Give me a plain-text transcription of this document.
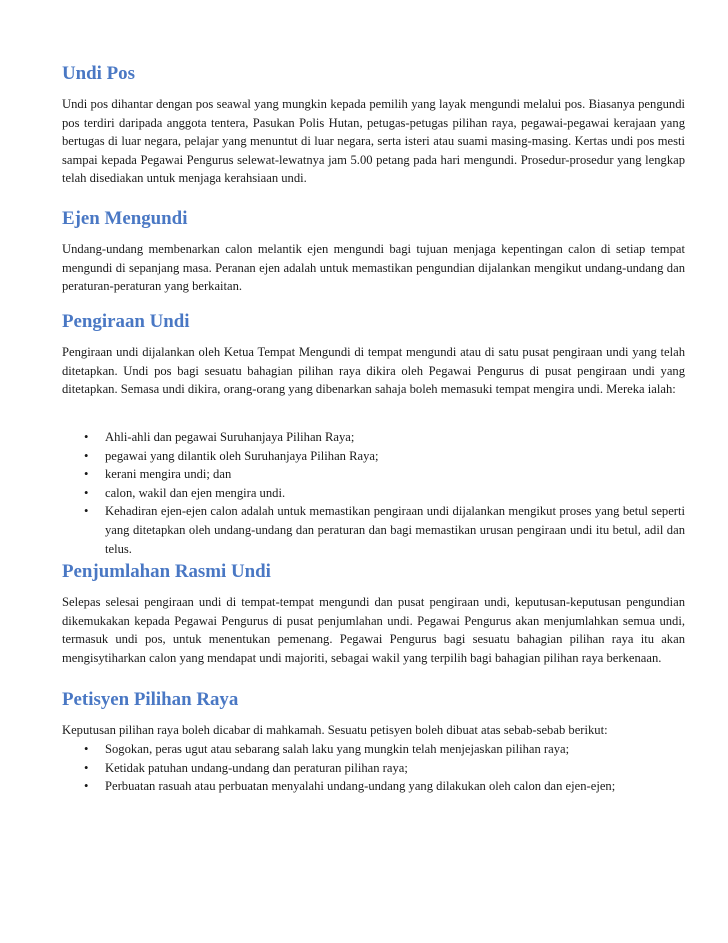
Undi Pos

Undi pos dihantar dengan pos seawal yang mungkin kepada pemilih yang layak mengundi melalui pos. Biasanya pengundi pos terdiri daripada anggota tentera, Pasukan Polis Hutan, petugas-petugas pilihan raya, pegawai-pegawai kerajaan yang bertugas di luar negara, pelajar yang menuntut di luar negara, serta isteri atau suami masing-masing. Kertas undi pos mesti sampai kepada Pegawai Pengurus selewat-lewatnya jam 5.00 petang pada hari mengundi. Prosedur-prosedur yang lengkap telah disediakan untuk menjaga kerahsiaan undi.

Ejen Mengundi

Undang-undang membenarkan calon melantik ejen mengundi bagi tujuan menjaga kepentingan calon di setiap tempat mengundi di sepanjang masa. Peranan ejen adalah untuk memastikan pengundian dijalankan mengikut undang-undang dan peraturan-peraturan yang berkaitan.

Pengiraan Undi

Pengiraan undi dijalankan oleh Ketua Tempat Mengundi di tempat mengundi atau di satu pusat pengiraan undi yang telah ditetapkan. Undi pos bagi sesuatu bahagian pilihan raya dikira oleh Pegawai Pengurus di pusat pengiraan undi yang ditetapkan. Semasa undi dikira, orang-orang yang dibenarkan sahaja boleh memasuki tempat mengira undi. Mereka ialah:

• Ahli-ahli dan pegawai Suruhanjaya Pilihan Raya;
• pegawai yang dilantik oleh Suruhanjaya Pilihan Raya;
• kerani mengira undi; dan
• calon, wakil dan ejen mengira undi.
• Kehadiran ejen-ejen calon adalah untuk memastikan pengiraan undi dijalankan mengikut proses yang betul seperti yang ditetapkan oleh undang-undang dan peraturan dan bagi memastikan urusan pengiraan undi itu betul, adil dan telus.
Penjumlahan Rasmi Undi

Selepas selesai pengiraan undi di tempat-tempat mengundi dan pusat pengiraan undi, keputusan-keputusan pengundian dikemukakan kepada Pegawai Pengurus di pusat penjumlahan undi. Pegawai Pengurus akan menjumlahkan semua undi, termasuk undi pos, untuk menentukan pemenang. Pegawai Pengurus bagi sesuatu bahagian pilihan raya itu akan mengisytiharkan calon yang mendapat undi majoriti, sebagai wakil yang terpilih bagi bahagian pilihan raya berkenaan.

Petisyen Pilihan Raya

Keputusan pilihan raya boleh dicabar di mahkamah. Sesuatu petisyen boleh dibuat atas sebab-sebab berikut:

• Sogokan, peras ugut atau sebarang salah laku yang mungkin telah menjejaskan pilihan raya;
• Ketidak patuhan undang-undang dan peraturan pilihan raya;
• Perbuatan rasuah atau perbuatan menyalahi undang-undang yang dilakukan oleh calon dan ejen-ejen;
